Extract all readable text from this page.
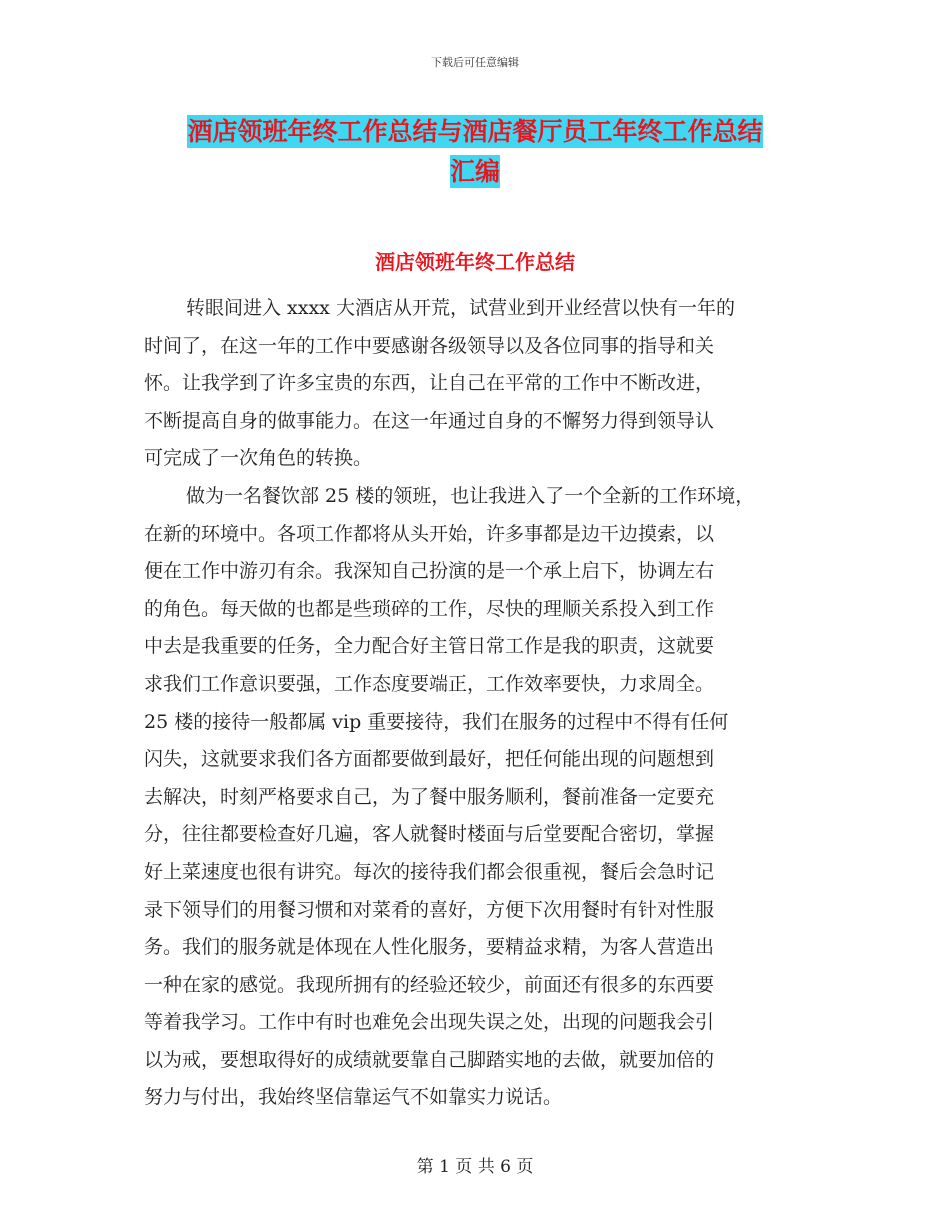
下载后可任意编辑
酒店领班年终工作总结与酒店餐厅员工年终工作总结
汇编
酒店领班年终工作总结
转眼间进入 xxxx 大酒店从开荒，试营业到开业经营以快有一年的
时间了，在这一年的工作中要感谢各级领导以及各位同事的指导和关
怀。让我学到了许多宝贵的东西，让自己在平常的工作中不断改进，
不断提高自身的做事能力。在这一年通过自身的不懈努力得到领导认
可完成了一次角色的转换。
做为一名餐饮部 25 楼的领班，也让我进入了一个全新的工作环境，
在新的环境中。各项工作都将从头开始，许多事都是边干边摸索，以
便在工作中游刃有余。我深知自己扮演的是一个承上启下，协调左右
的角色。每天做的也都是些琐碎的工作，尽快的理顺关系投入到工作
中去是我重要的任务，全力配合好主管日常工作是我的职责，这就要
求我们工作意识要强，工作态度要端正，工作效率要快，力求周全。
25 楼的接待一般都属 vip 重要接待，我们在服务的过程中不得有任何
闪失，这就要求我们各方面都要做到最好，把任何能出现的问题想到
去解决，时刻严格要求自己，为了餐中服务顺利，餐前准备一定要充
分，往往都要检查好几遍，客人就餐时楼面与后堂要配合密切，掌握
好上菜速度也很有讲究。每次的接待我们都会很重视，餐后会急时记
录下领导们的用餐习惯和对菜肴的喜好，方便下次用餐时有针对性服
务。我们的服务就是体现在人性化服务，要精益求精，为客人营造出
一种在家的感觉。我现所拥有的经验还较少，前面还有很多的东西要
等着我学习。工作中有时也难免会出现失误之处，出现的问题我会引
以为戒，要想取得好的成绩就要靠自己脚踏实地的去做，就要加倍的
努力与付出，我始终坚信靠运气不如靠实力说话。
第 1 页 共 6 页
